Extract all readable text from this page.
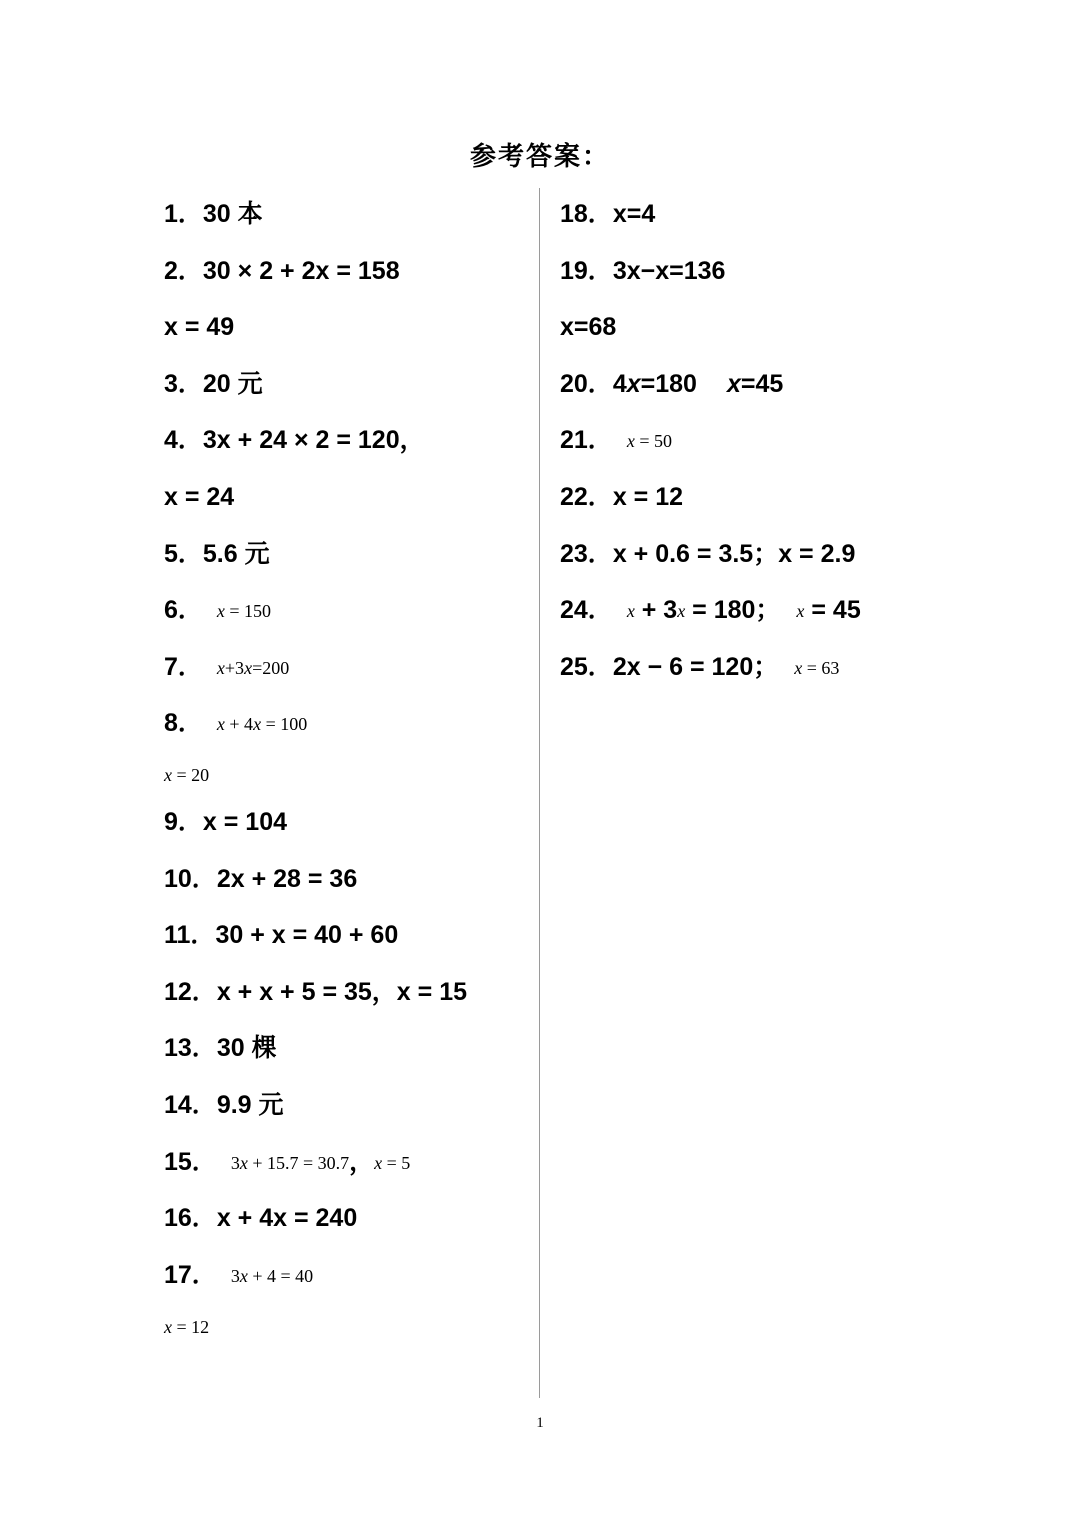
参考答案：
1．30 本
2．30 × 2 + 2x = 158
x = 49
3．20 元
4．3x + 24 × 2 = 120，
x = 24
5．5.6 元
6． x = 150
7． x+3x=200
8． x + 4x = 100
x = 20
9．x = 104
10．2x + 28 = 36
11．30 + x = 40 + 60
12．x + x + 5 = 35，x = 15
13．30 棵
14．9.9 元
15． 3x + 15.7 = 30.7，x = 5
16．x + 4x = 240
17． 3x + 4 = 40
x = 12
18．x=4
19．3x−x=136
x=68
20．4x=180 x=45
21． x = 50
22．x = 12
23．x + 0.6 = 3.5；x = 2.9
24． x + 3x = 180； x = 45
25．2x − 6 = 120； x = 63
1
